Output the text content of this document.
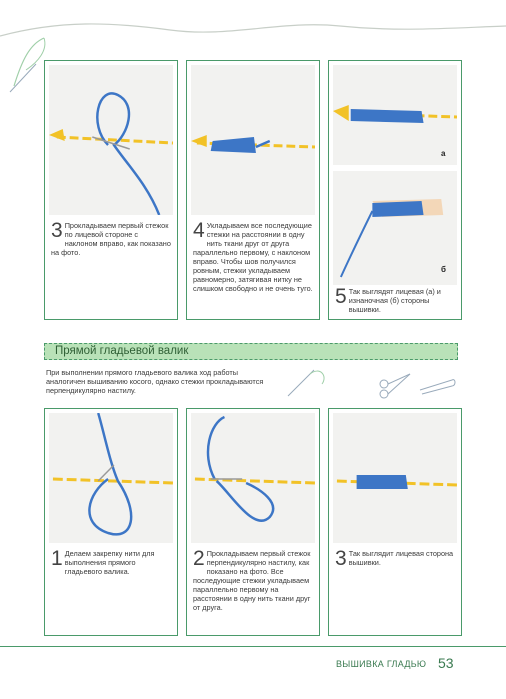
3 Прокладываем первый стежок по лицевой стороне с наклоном вправо, как показано на фото.
4 Укладываем все последующие стежки на расстоянии в одну нить ткани друг от друга параллельно первому, с наклоном вправо. Чтобы шов получился ровным, стежки укладываем равномерно, затягивая нитку не слишком свободно и не очень туго.
а
б
5 Так выглядят лицевая (а) и изнаночная (б) стороны вышивки.
Прямой гладьевой валик
При выполнении прямого гладьевого валика ход работы аналогичен вышиванию косого, однако стежки прокладываются перпендикулярно настилу.
1 Делаем закрепку нити для выполнения прямого гладьевого валика.
2 Прокладываем первый стежок перпендикулярно настилу, как показано на фото. Все последующие стежки укладываем параллельно первому на расстоянии в одну нить ткани друг от друга.
3 Так выглядит лицевая сторона вышивки.
ВЫШИВКА ГЛАДЬЮ 53
